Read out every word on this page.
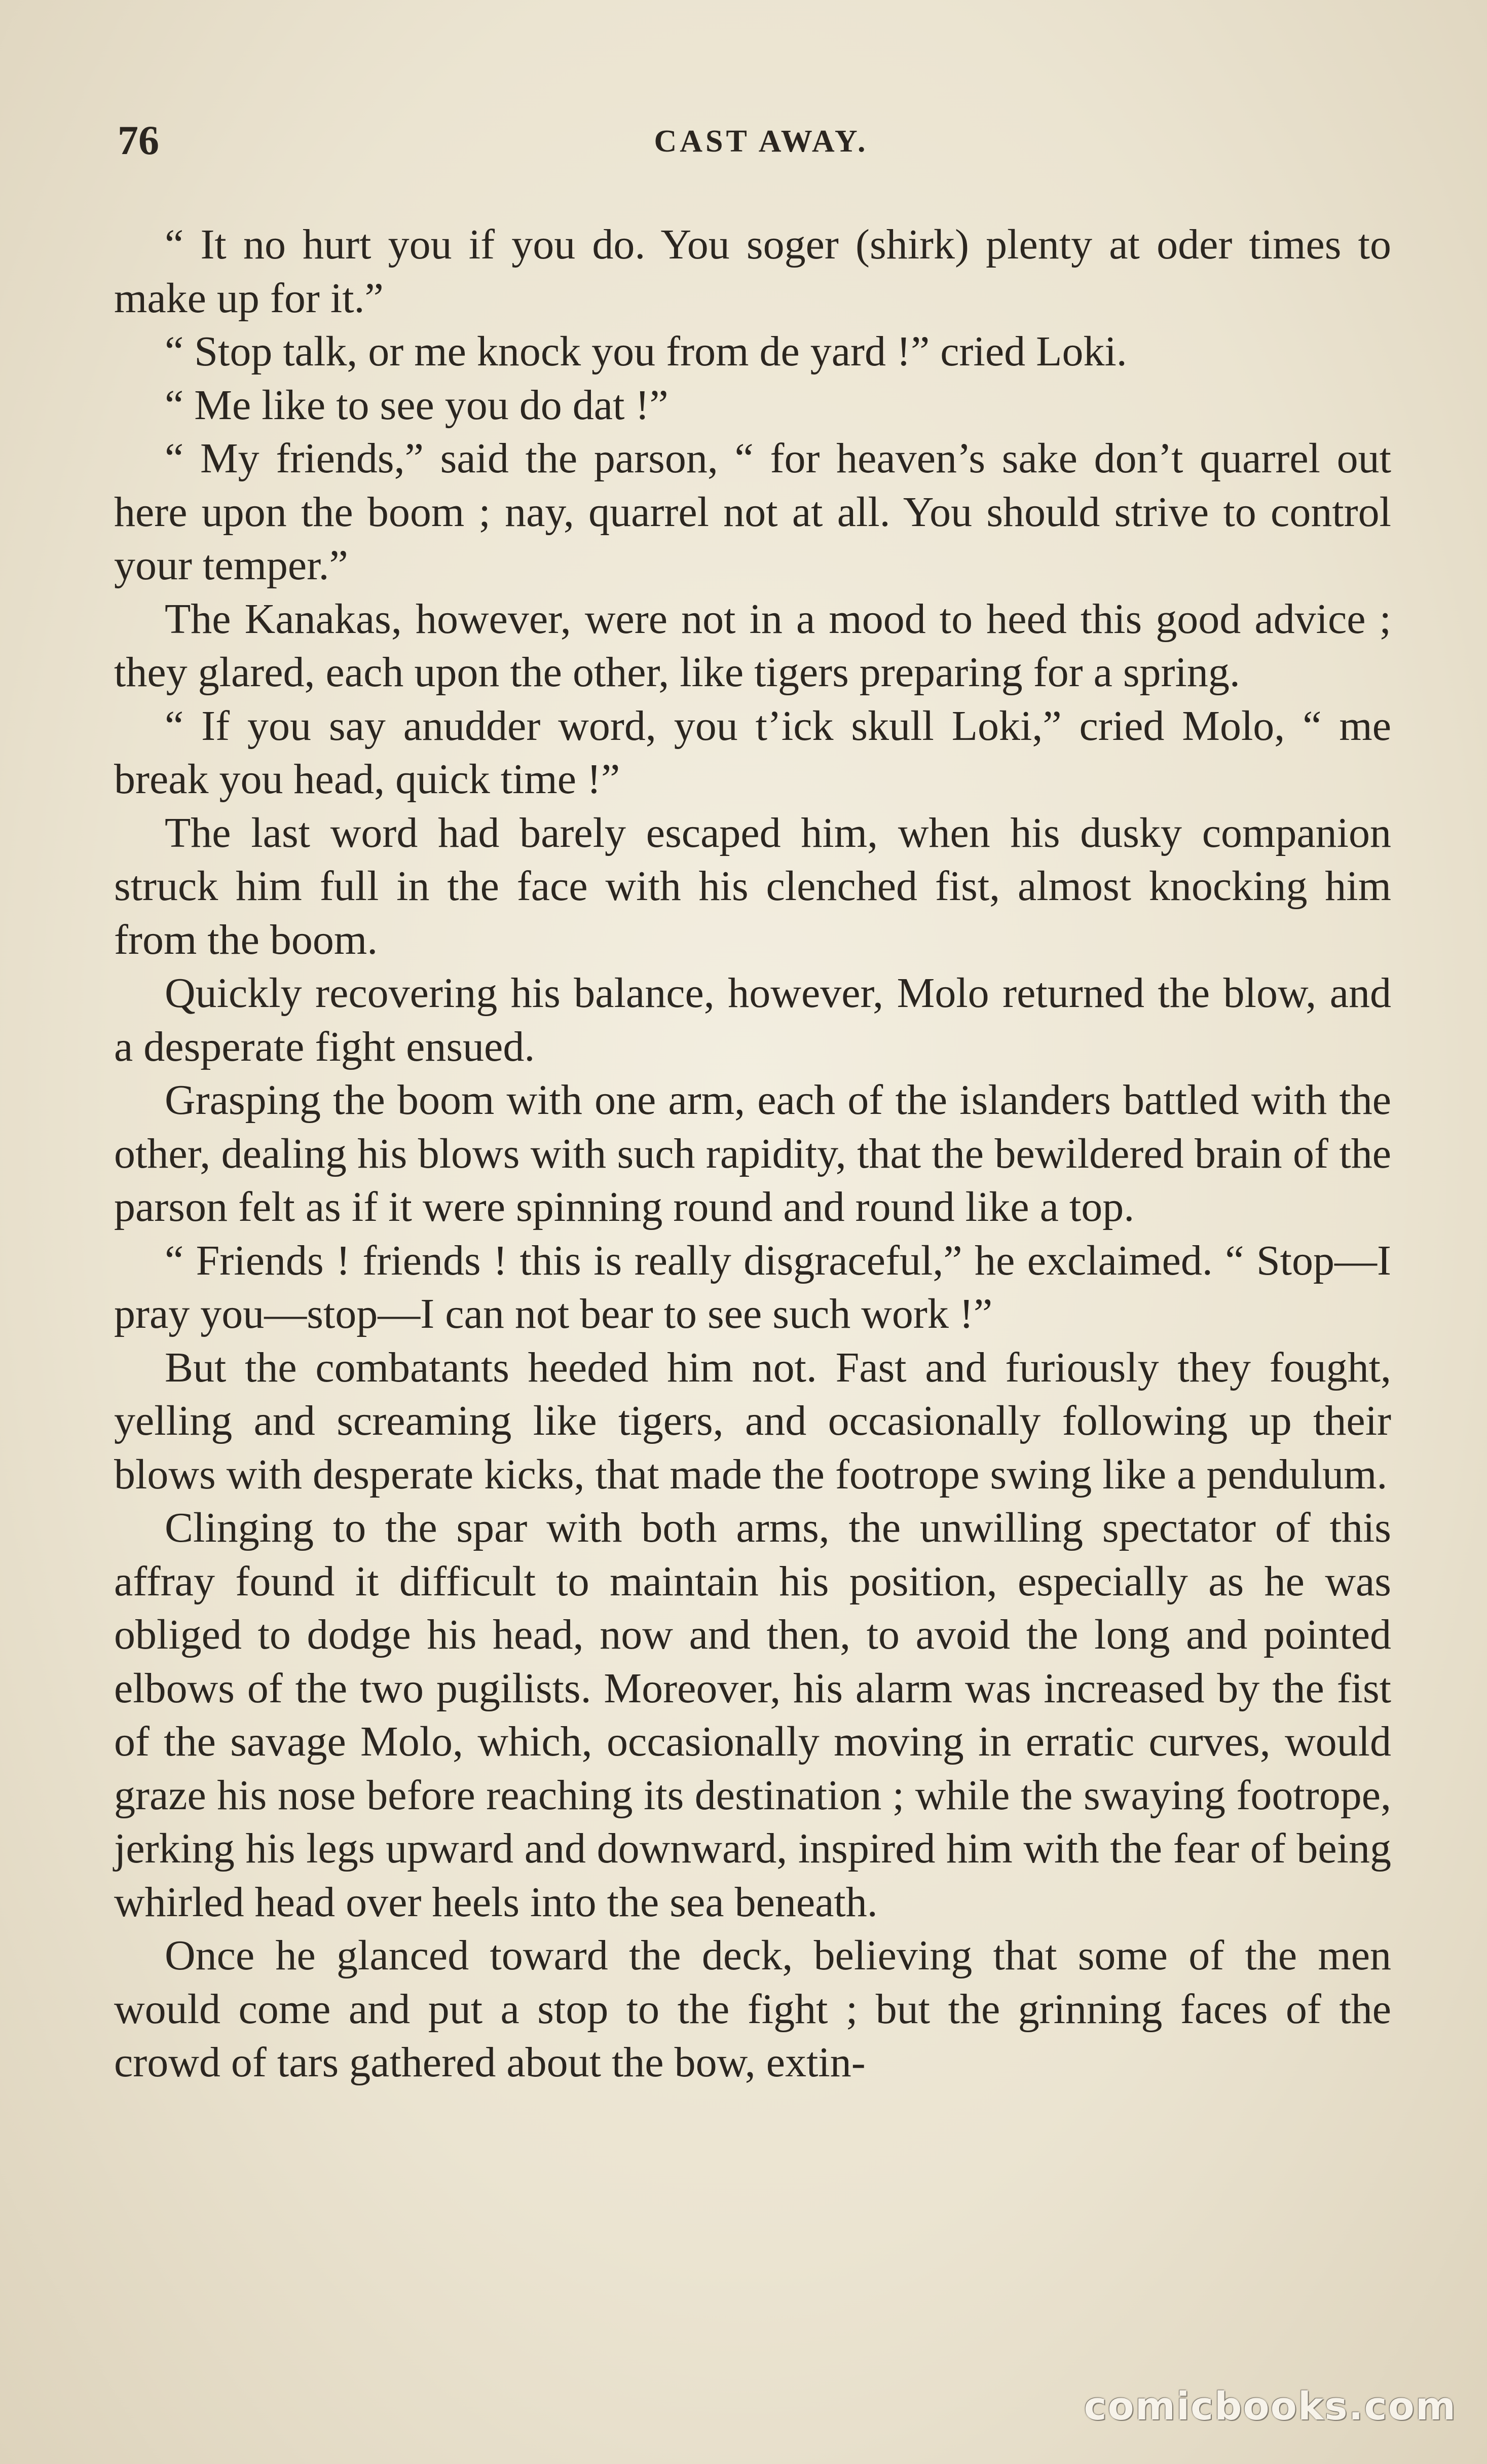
76	CAST AWAY.

“ It no hurt you if you do. You soger (shirk) plenty at oder times to make up for it.”

“ Stop talk, or me knock you from de yard !” cried Loki.

“ Me like to see you do dat !”

“ My friends,” said the parson, “ for heaven’s sake don’t quarrel out here upon the boom ; nay, quarrel not at all. You should strive to control your temper.”

The Kanakas, however, were not in a mood to heed this good advice ; they glared, each upon the other, like tigers preparing for a spring.

“ If you say anudder word, you t’ick skull Loki,” cried Molo, “ me break you head, quick time !”

The last word had barely escaped him, when his dusky companion struck him full in the face with his clenched fist, almost knocking him from the boom.

Quickly recovering his balance, however, Molo returned the blow, and a desperate fight ensued.

Grasping the boom with one arm, each of the islanders battled with the other, dealing his blows with such rapidity, that the bewildered brain of the parson felt as if it were spinning round and round like a top.

“ Friends ! friends ! this is really disgraceful,” he exclaimed. “ Stop—I pray you—stop—I can not bear to see such work !”

But the combatants heeded him not. Fast and furiously they fought, yelling and screaming like tigers, and occasionally following up their blows with desperate kicks, that made the footrope swing like a pendulum.

Clinging to the spar with both arms, the unwilling spectator of this affray found it difficult to maintain his position, especially as he was obliged to dodge his head, now and then, to avoid the long and pointed elbows of the two pugilists. Moreover, his alarm was increased by the fist of the savage Molo, which, occasionally moving in erratic curves, would graze his nose before reaching its destination ; while the swaying footrope, jerking his legs upward and downward, inspired him with the fear of being whirled head over heels into the sea beneath.

Once he glanced toward the deck, believing that some of the men would come and put a stop to the fight ; but the grinning faces of the crowd of tars gathered about the bow, extin-

comicbooks.com
